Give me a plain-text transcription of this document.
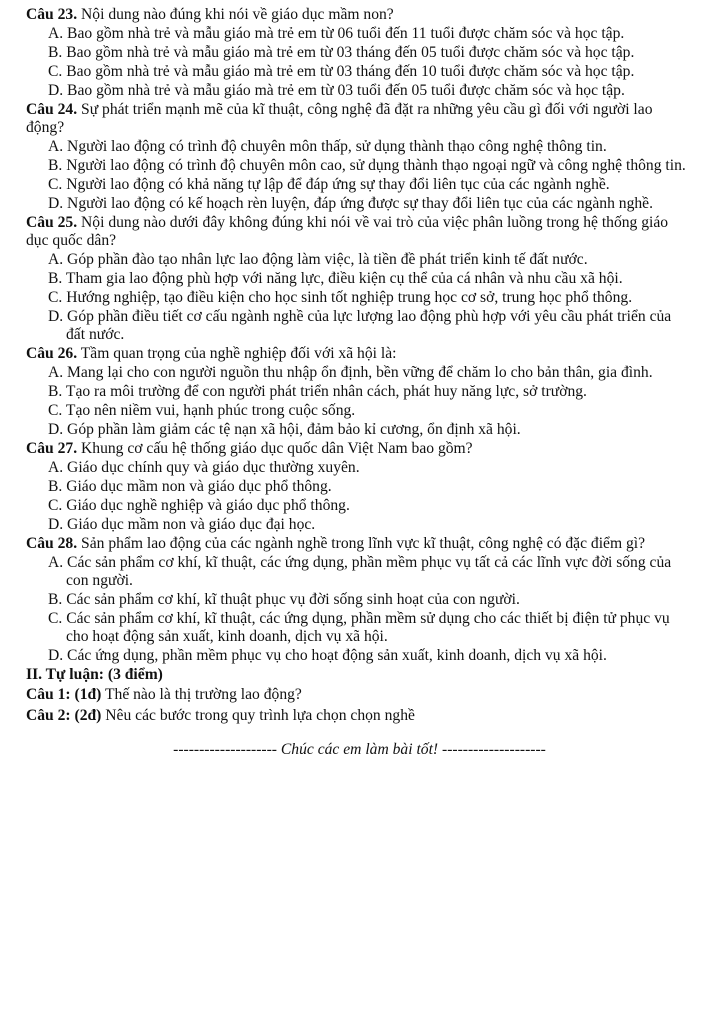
Câu 23. Nội dung nào đúng khi nói về giáo dục mầm non?
A. Bao gồm nhà trẻ và mẫu giáo mà trẻ em từ 06 tuổi đến 11 tuổi được chăm sóc và học tập.
B. Bao gồm nhà trẻ và mẫu giáo mà trẻ em từ 03 tháng đến 05 tuổi được chăm sóc và học tập.
C. Bao gồm nhà trẻ và mẫu giáo mà trẻ em từ 03 tháng đến 10 tuổi được chăm sóc và học tập.
D. Bao gồm nhà trẻ và mẫu giáo mà trẻ em từ 03 tuổi đến 05 tuổi được chăm sóc và học tập.
Câu 24. Sự phát triển mạnh mẽ của kĩ thuật, công nghệ đã đặt ra những yêu cầu gì đối với người lao động?
A. Người lao động có trình độ chuyên môn thấp, sử dụng thành thạo công nghệ thông tin.
B. Người lao động có trình độ chuyên môn cao, sử dụng thành thạo ngoại ngữ và công nghệ thông tin.
C. Người lao động có khả năng tự lập để đáp ứng sự thay đổi liên tục của các ngành nghề.
D. Người lao động có kế hoạch rèn luyện, đáp ứng được sự thay đổi liên tục của các ngành nghề.
Câu 25. Nội dung nào dưới đây không đúng khi nói về vai trò của việc phân luồng trong hệ thống giáo dục quốc dân?
A. Góp phần đào tạo nhân lực lao động làm việc, là tiền đề phát triển kinh tế đất nước.
B. Tham gia lao động phù hợp với năng lực, điều kiện cụ thể của cá nhân và nhu cầu xã hội.
C. Hướng nghiệp, tạo điều kiện cho học sinh tốt nghiệp trung học cơ sở, trung học phổ thông.
D. Góp phần điều tiết cơ cấu ngành nghề của lực lượng lao động phù hợp với yêu cầu phát triển của đất nước.
Câu 26. Tầm quan trọng của nghề nghiệp đối với xã hội là:
A. Mang lại cho con người nguồn thu nhập ổn định, bền vững để chăm lo cho bản thân, gia đình.
B. Tạo ra môi trường để con người phát triển nhân cách, phát huy năng lực, sở trường.
C. Tạo nên niềm vui, hạnh phúc trong cuộc sống.
D. Góp phần làm giảm các tệ nạn xã hội, đảm bảo kỉ cương, ổn định xã hội.
Câu 27. Khung cơ cấu hệ thống giáo dục quốc dân Việt Nam bao gồm?
A. Giáo dục chính quy và giáo dục thường xuyên.
B. Giáo dục mầm non và giáo dục phổ thông.
C. Giáo dục nghề nghiệp và giáo dục phổ thông.
D. Giáo dục mầm non và giáo dục đại học.
Câu 28. Sản phẩm lao động của các ngành nghề trong lĩnh vực kĩ thuật, công nghệ có đặc điểm gì?
A. Các sản phẩm cơ khí, kĩ thuật, các ứng dụng, phần mềm phục vụ tất cả các lĩnh vực đời sống của con người.
B. Các sản phẩm cơ khí, kĩ thuật phục vụ đời sống sinh hoạt của con người.
C. Các sản phẩm cơ khí, kĩ thuật, các ứng dụng, phần mềm sử dụng cho các thiết bị điện tử phục vụ cho hoạt động sản xuất, kinh doanh, dịch vụ xã hội.
D. Các ứng dụng, phần mềm phục vụ cho hoạt động sản xuất, kinh doanh, dịch vụ xã hội.
II. Tự luận: (3 điểm)
Câu 1: (1đ) Thế nào là thị trường lao động?
Câu 2: (2đ) Nêu các bước trong quy trình lựa chọn chọn nghề
-------------------- Chúc các em làm bài tốt! --------------------
